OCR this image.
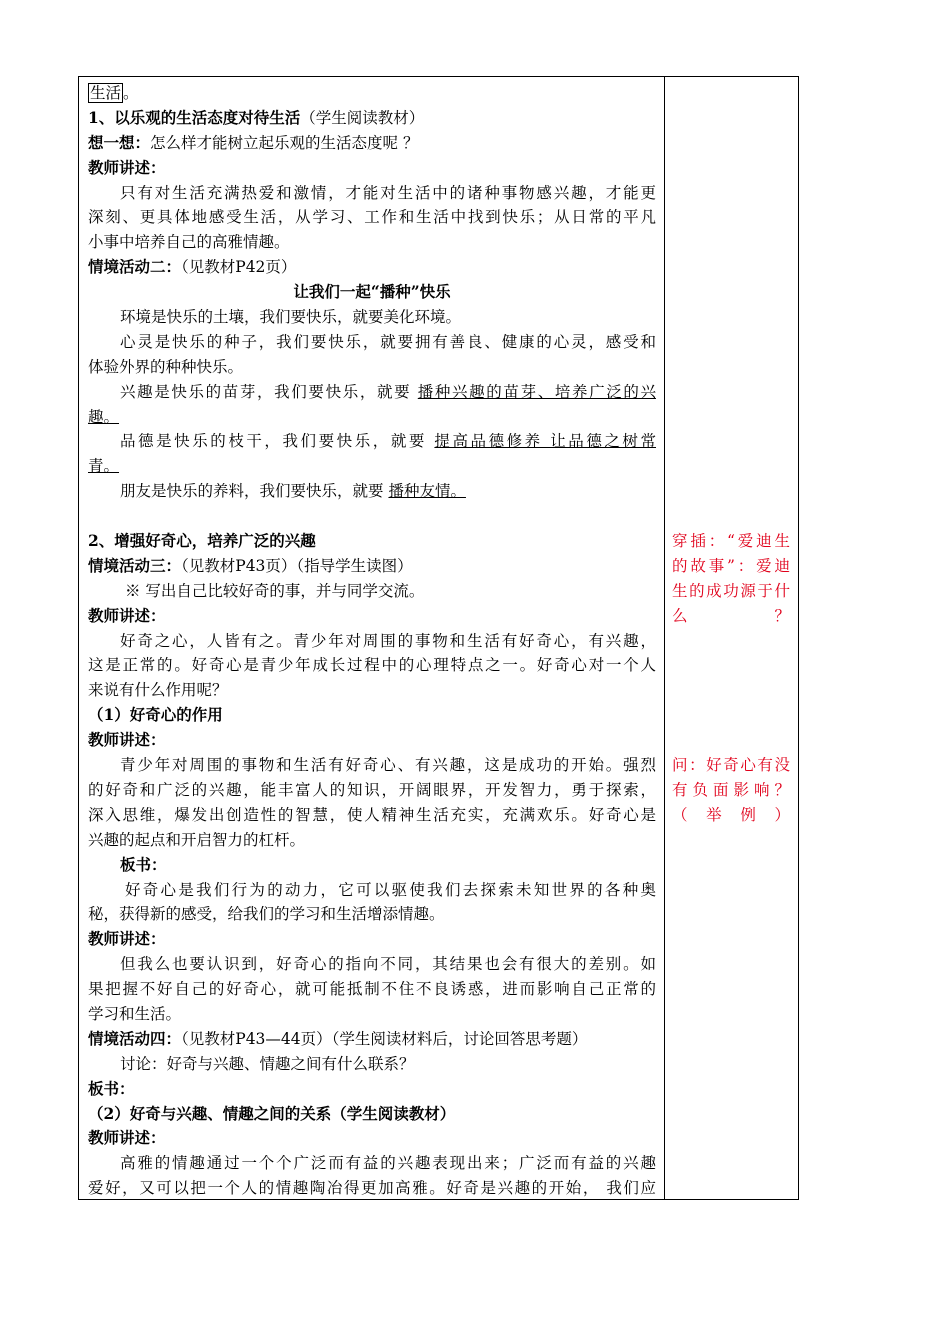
生活 。
1、以乐观的生活态度对待生活（学生阅读教材）
想一想：怎么样才能树立起乐观的生活态度呢 ？
教师讲述：
只有对生活充满热爱和激情，才能对生活中的诸种事物感兴趣，才能更
深刻、更具体地感受生活，从学习、工作和生活中找到快乐；从日常的平凡
小事中培养自己的高雅情趣。
情境活动二：（见教材P42页）
让我们一起“播种”快乐
环境是快乐的土壤，我们要快乐，就要美化环境。
心灵是快乐的种子，我们要快乐，就要拥有善良、健康的心灵，感受和
体验外界的种种快乐。
兴趣是快乐的苗芽，我们要快乐，就要 播种兴趣的苗芽、培养广泛的兴
趣。
品德是快乐的枝干，我们要快乐，就要 提高品德修养 让品德之树常
青。
朋友是快乐的养料，我们要快乐，就要 播种友情。
2、增强好奇心，培养广泛的兴趣
情境活动三：（见教材P43页）（指导学生读图）
※ 写出自己比较好奇的事，并与同学交流。
教师讲述：
好奇之心，人皆有之。青少年对周围的事物和生活有好奇心，有兴趣，
这是正常的。好奇心是青少年成长过程中的心理特点之一。好奇心对一个人
来说有什么作用呢？
（1）好奇心的作用
教师讲述：
青少年对周围的事物和生活有好奇心、有兴趣，这是成功的开始。强烈
的好奇和广泛的兴趣，能丰富人的知识，开阔眼界，开发智力，勇于探索，
深入思维，爆发出创造性的智慧，使人精神生活充实，充满欢乐。好奇心是
兴趣的起点和开启智力的杠杆。
板书：
好奇心是我们行为的动力，它可以驱使我们去探索未知世界的各种奥
秘，获得新的感受，给我们的学习和生活增添情趣。
教师讲述：
但我么也要认识到，好奇心的指向不同，其结果也会有很大的差别。如
果把握不好自己的好奇心，就可能抵制不住不良诱惑，进而影响自己正常的
学习和生活。
情境活动四：（见教材P43—44页）（学生阅读材料后，讨论回答思考题）
讨论：好奇与兴趣、情趣之间有什么联系？
板书：
（2）好奇与兴趣、情趣之间的关系（学生阅读教材）
教师讲述：
高雅的情趣通过一个个广泛而有益的兴趣表现出来；广泛而有益的兴趣
爱好，又可以把一个人的情趣陶冶得更加高雅。好奇是兴趣的开始， 我们应
穿插：“爱迪生
的故事”：爱迪
生的成功源于什
么？
问：好奇心有没
有 负 面 影 响 ？
（举例）
